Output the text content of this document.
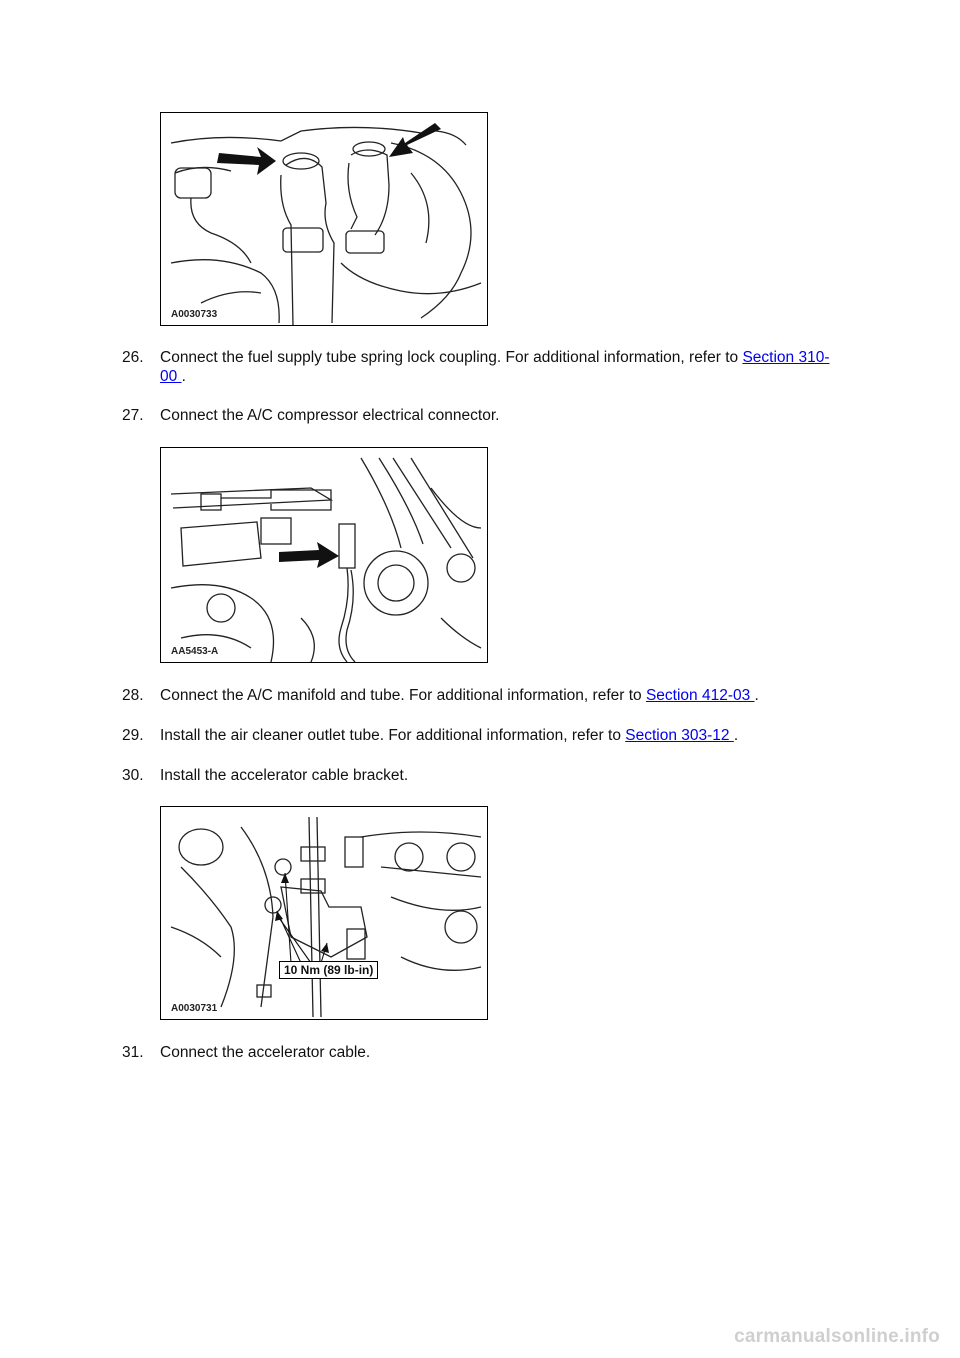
A0030733
26. Connect the fuel supply tube spring lock coupling. For additional information, refer to Section 310-00 .
27. Connect the A/C compressor electrical connector.
AA5453-A
28. Connect the A/C manifold and tube. For additional information, refer to Section 412-03 .
29. Install the air cleaner outlet tube. For additional information, refer to Section 303-12 .
30. Install the accelerator cable bracket.
10 Nm (89 lb-in)
A0030731
31. Connect the accelerator cable.
carmanualsonline.info
